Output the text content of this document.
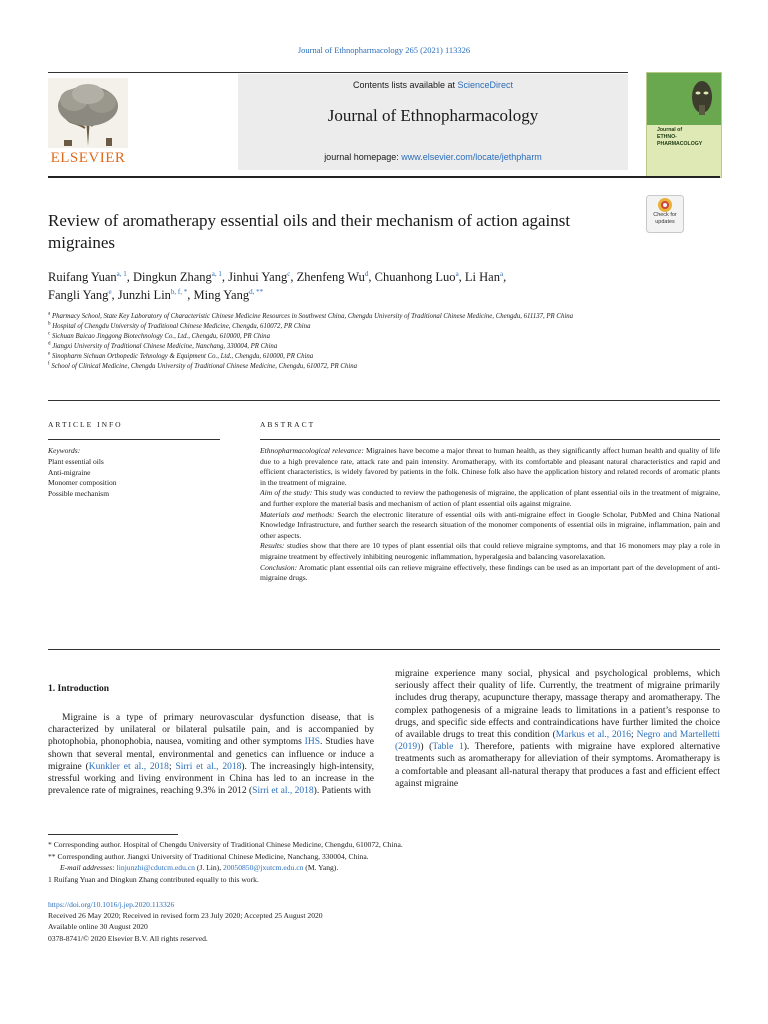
Journal of Ethnopharmacology 265 (2021) 113326
ELSEVIER
Contents lists available at ScienceDirect
Journal of Ethnopharmacology
journal homepage: www.elsevier.com/locate/jethpharm
Journal of
ETHNO-
PHARMACOLOGY
Check for
updates
Review of aromatherapy essential oils and their mechanism of action against migraines
Ruifang Yuan$^{a, 1}$, Dingkun Zhang$^{a, 1}$, Jinhui Yang$^c$, Zhenfeng Wu$^d$, Chuanhong Luo$^a$, Li Han$^a$,
Fangli Yang$^e$, Junzhi Lin$^{b, f, *}$, Ming Yang$^{d, **}$
$^a$ Pharmacy School, State Key Laboratory of Characteristic Chinese Medicine Resources in Southwest China, Chengdu University of Traditional Chinese Medicine, Chengdu, 611137, PR China
$^b$ Hospital of Chengdu University of Traditional Chinese Medicine, Chengdu, 610072, PR China
$^c$ Sichuan Baicao Jinggong Biotechnology Co., Ltd., Chengdu, 610000, PR China
$^d$ Jiangxi University of Traditional Chinese Medicine, Nanchang, 330004, PR China
$^e$ Sinopharm Sichuan Orthopedic Tehnology & Equipment Co., Ltd., Chengdu, 610000, PR China
$^f$ School of Clinical Medicine, Chengdu University of Traditional Chinese Medicine, Chengdu, 610072, PR China
ARTICLE INFO	ABSTRACT
Keywords:
Plant essential oils
Anti-migraine
Monomer composition
Possible mechanism

Ethnopharmacological relevance: Migraines have become a major threat to human health, as they significantly affect human health and quality of life due to a high prevalence rate, attack rate and pain intensity. Aromatherapy, with its comfortable and pleasant natural characteristics and rapid and efficient characteristics, is widely favored by patients in the folk. Chinese folk also have the application history and related records of aromatic plants in the treatment of migraine.

Aim of the study: This study was conducted to review the pathogenesis of migraine, the application of plant essential oils in the treatment of migraine, and further explore the material basis and mechanism of action of plant essential oils against migraine.

Materials and methods: Search the electronic literature of essential oils with anti-migraine effect in Google Scholar, PubMed and China National Knowledge Infrastructure, and further search the research situation of the monomer components of essential oils in migraine, inflammation, pain and other aspects.

Results: studies show that there are 10 types of plant essential oils that could relieve migraine symptoms, and that 16 monomers may play a role in migraine treatment by effectively inhibiting neurogenic inflammation, hyperalgesia and balancing vasorelaxation.

Conclusion: Aromatic plant essential oils can relieve migraine effectively, these findings can be used as an important part of the development of anti-migraine drugs.

1. Introduction

Migraine is a type of primary neurovascular dysfunction disease, that is characterized by unilateral or bilateral pulsatile pain, and is accompanied by photophobia, phonophobia, nausea, vomiting and other symptoms IHS. Studies have shown that several mental, environmental and genetics can influence or induce a migraine (Kunkler et al., 2018; Sirri et al., 2018). The increasingly high-intensity, stressful working and living environment in China has led to an increase in the prevalence rate of migraines, reaching 9.3% in 2012 (Sirri et al., 2018). Patients with

migraine experience many social, physical and psychological problems, which seriously affect their quality of life. Currently, the treatment of migraine primarily includes drug therapy, acupuncture therapy, massage therapy and aromatherapy. The complex pathogenesis of a migraine leads to limitations in a patient’s response to drugs, and specific side effects and contraindications have further limited the choice of available drugs to treat this condition (Markus et al., 2016; Negro and Martelletti (2019)) (Table 1). Therefore, patients with migraine have explored alternative treatments such as aromatherapy for alleviation of their symptoms. Aromatherapy is a comfortable and pleasant all-natural therapy that produces a fast and efficient effect against migraine

* Corresponding author. Hospital of Chengdu University of Traditional Chinese Medicine, Chengdu, 610072, China.

** Corresponding author. Jiangxi University of Traditional Chinese Medicine, Nanchang, 330004, China.

E-mail addresses: linjunzhi@cdutcm.edu.cn (J. Lin), 20050850@jxutcm.edu.cn (M. Yang).

1 Ruifang Yuan and Dingkun Zhang contributed equally to this work.

https://doi.org/10.1016/j.jep.2020.113326

Received 26 May 2020; Received in revised form 23 July 2020; Accepted 25 August 2020

Available online 30 August 2020

0378-8741/© 2020 Elsevier B.V. All rights reserved.
